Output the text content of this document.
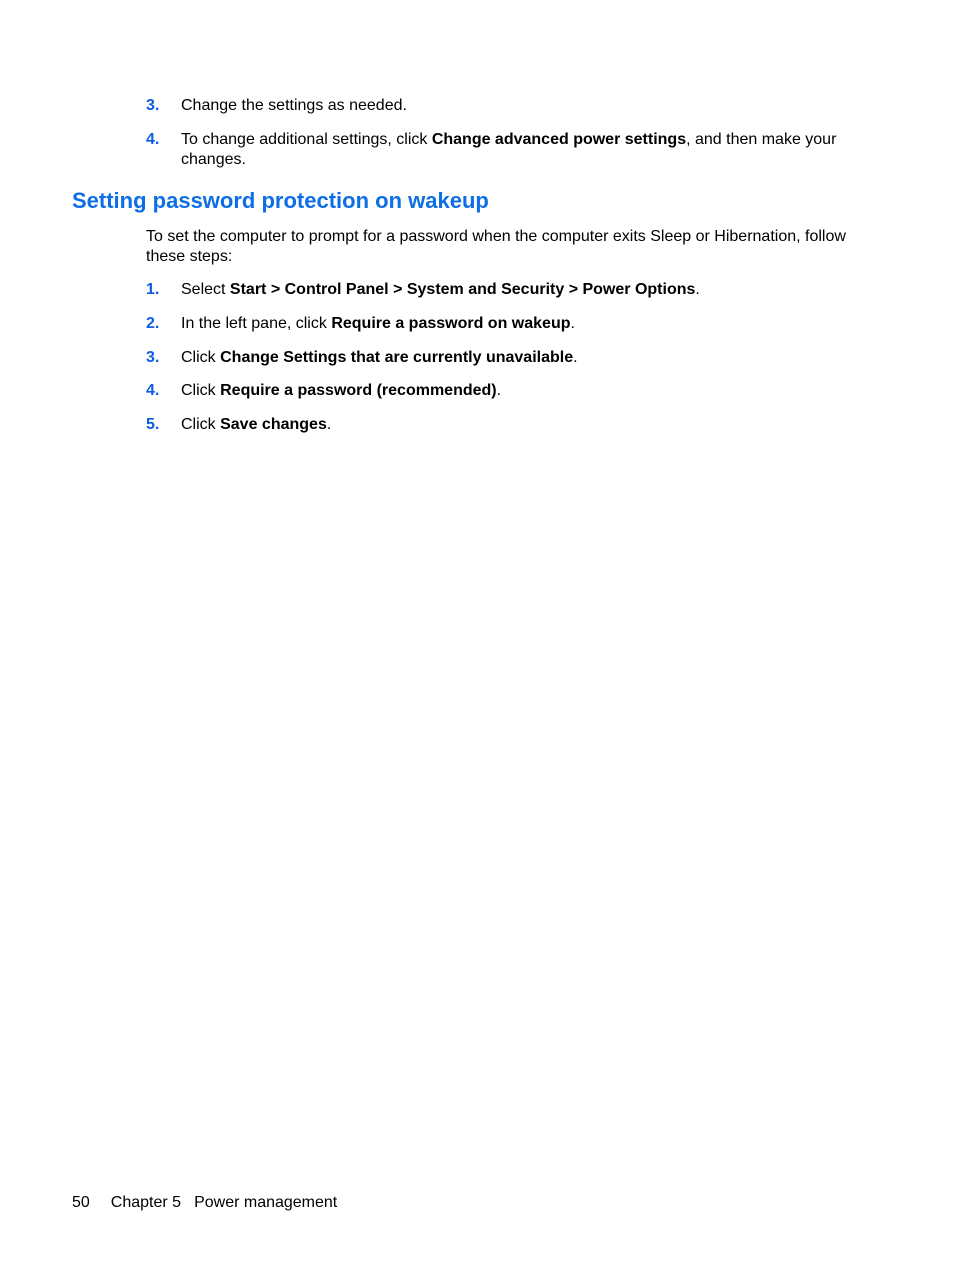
3. Change the settings as needed.
4. To change additional settings, click Change advanced power settings, and then make your changes.
Setting password protection on wakeup
To set the computer to prompt for a password when the computer exits Sleep or Hibernation, follow these steps:
1. Select Start > Control Panel > System and Security > Power Options.
2. In the left pane, click Require a password on wakeup.
3. Click Change Settings that are currently unavailable.
4. Click Require a password (recommended).
5. Click Save changes.
50 Chapter 5 Power management
